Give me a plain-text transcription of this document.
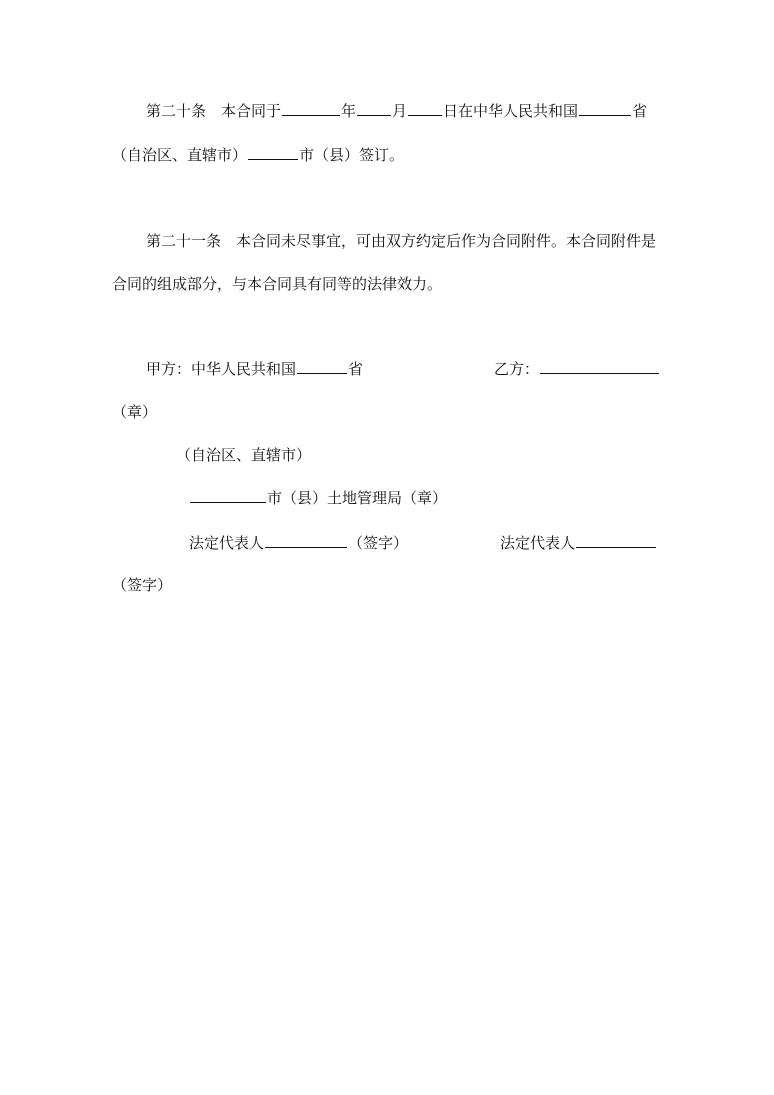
第二十条　本合同于	年 月 日在中华人民共和国	省
（自治区、直辖市）	市（县）签订。
第二十一条　本合同未尽事宜，可由双方约定后作为合同附件。本合同附件是
合同的组成部分，与本合同具有同等的法律效力。
甲方：中华人民共和国	省	乙方：
（章）
（自治区、直辖市）
市（县）土地管理局（章）
法定代表人	（签字）	法定代表人
（签字）
